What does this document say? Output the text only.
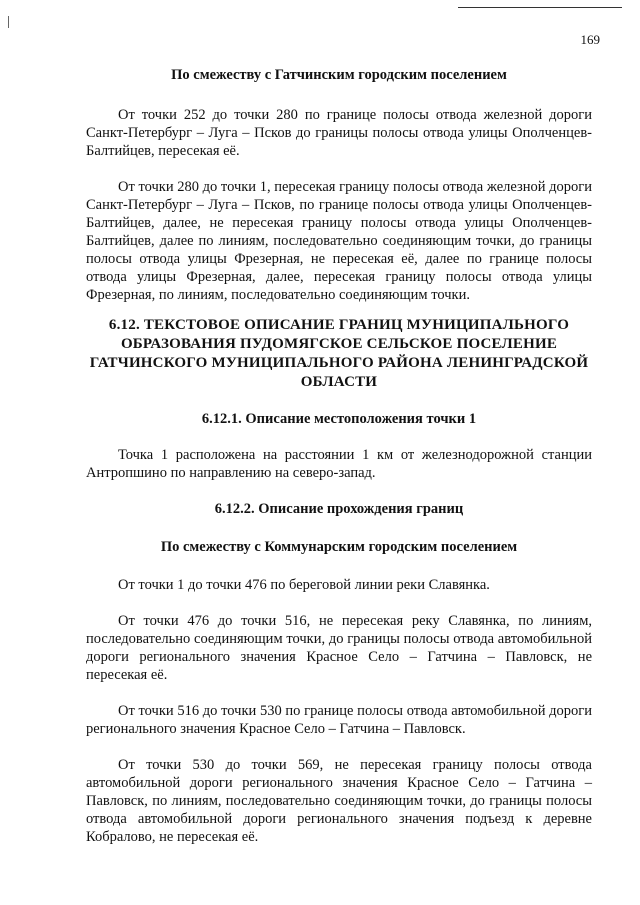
169

По смежеству с Гатчинским городским поселением

От точки 252 до точки 280 по границе полосы отвода железной дороги Санкт-Петербург – Луга – Псков до границы полосы отвода улицы Ополченцев-Балтийцев, пересекая её.

От точки 280 до точки 1, пересекая границу полосы отвода железной дороги Санкт-Петербург – Луга – Псков, по границе полосы отвода улицы Ополченцев-Балтийцев, далее, не пересекая границу полосы отвода улицы Ополченцев-Балтийцев, далее по линиям, последовательно соединяющим точки, до границы полосы отвода улицы Фрезерная, не пересекая её, далее по границе полосы отвода улицы Фрезерная, далее, пересекая границу полосы отвода улицы Фрезерная, по линиям, последовательно соединяющим точки.

6.12. ТЕКСТОВОЕ ОПИСАНИЕ ГРАНИЦ МУНИЦИПАЛЬНОГО ОБРАЗОВАНИЯ ПУДОМЯГСКОЕ СЕЛЬСКОЕ ПОСЕЛЕНИЕ ГАТЧИНСКОГО МУНИЦИПАЛЬНОГО РАЙОНА ЛЕНИНГРАДСКОЙ ОБЛАСТИ

6.12.1. Описание местоположения точки 1

Точка 1 расположена на расстоянии 1 км от железнодорожной станции Антропшино по направлению на северо-запад.

6.12.2. Описание прохождения границ

По смежеству с Коммунарским городским поселением

От точки 1 до точки 476 по береговой линии реки Славянка.

От точки 476 до точки 516, не пересекая реку Славянка, по линиям, последовательно соединяющим точки, до границы полосы отвода автомобильной дороги регионального значения Красное Село – Гатчина – Павловск, не пересекая её.

От точки 516 до точки 530 по границе полосы отвода автомобильной дороги регионального значения Красное Село – Гатчина – Павловск.

От точки 530 до точки 569, не пересекая границу полосы отвода автомобильной дороги регионального значения Красное Село – Гатчина – Павловск, по линиям, последовательно соединяющим точки, до границы полосы отвода автомобильной дороги регионального значения подъезд к деревне Кобралово, не пересекая её.
